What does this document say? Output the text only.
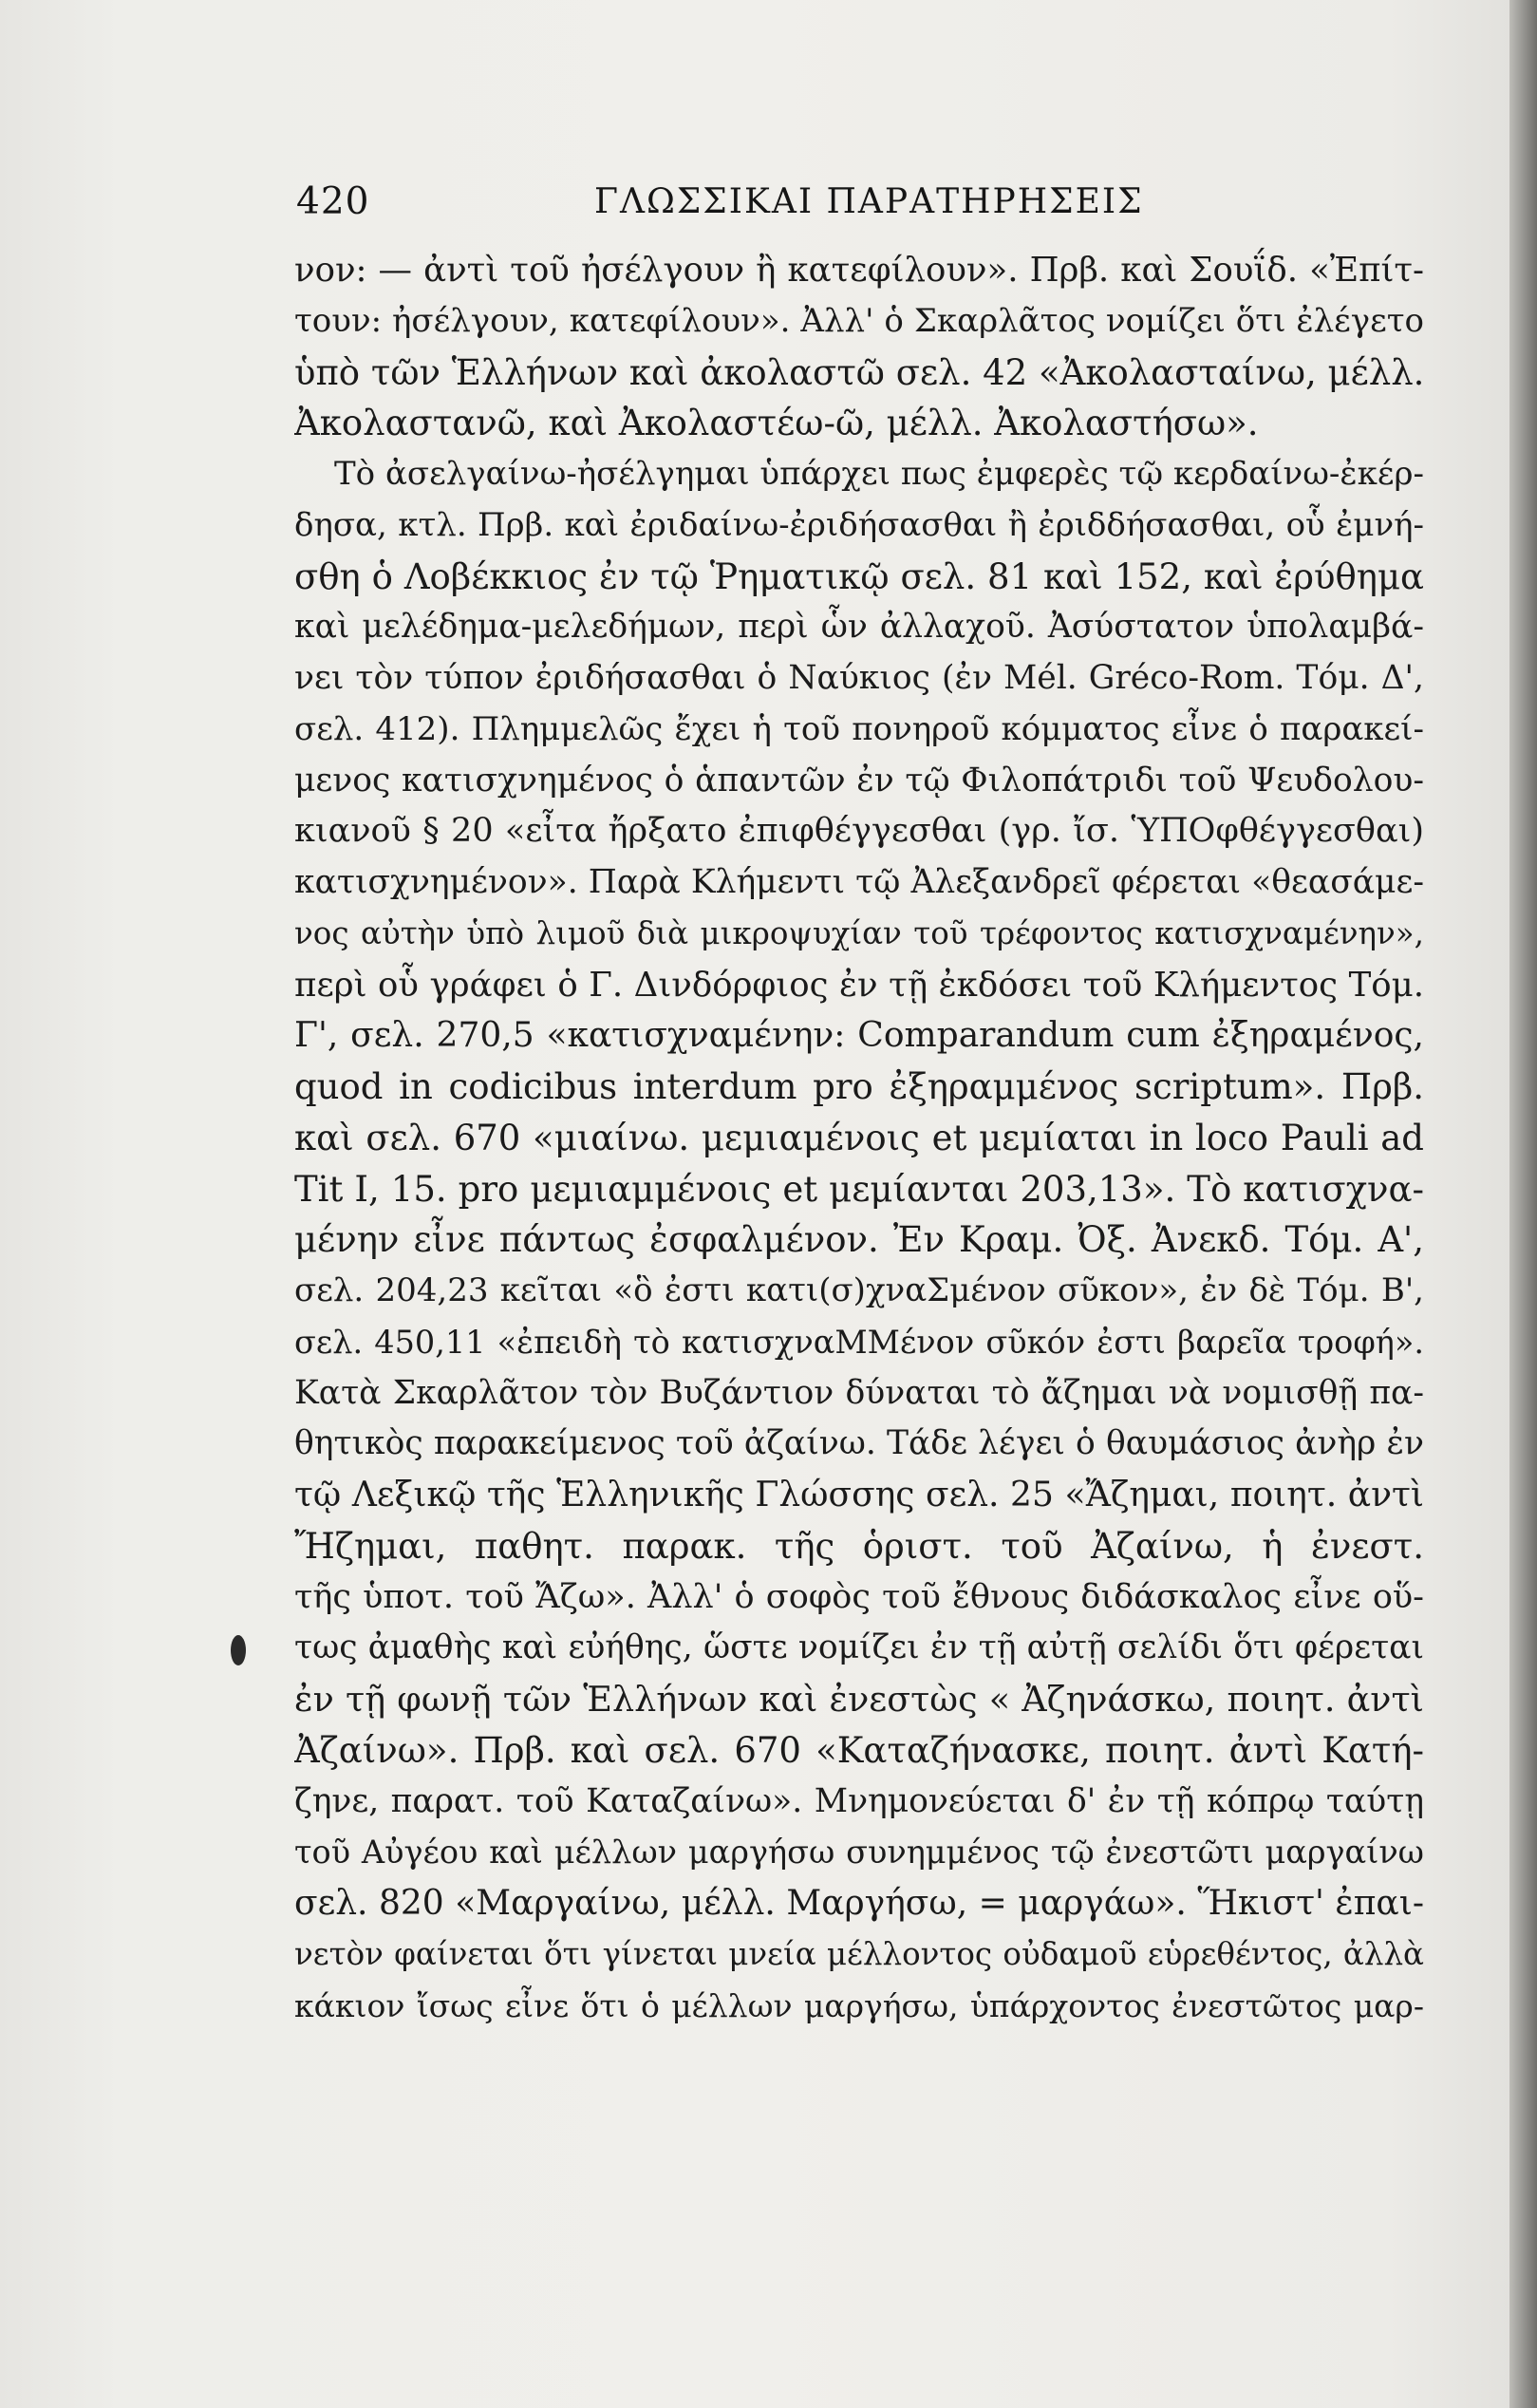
420	ΓΛΩΣΣΙΚΑΙ ΠΑΡΑΤΗΡΗΣΕΙΣ
νον: — ἀντὶ τοῦ ἠσέλγουν ἢ κατεφίλουν». Πρβ. καὶ Σουΐδ. «Ἐπίτ-
τουν: ἠσέλγουν, κατεφίλουν». Ἀλλ' ὁ Σκαρλᾶτος νομίζει ὅτι ἐλέγετο
ὑπὸ τῶν Ἑλλήνων καὶ ἀκολαστῶ σελ. 42 «Ἀκολασταίνω, μέλλ.
Ἀκολαστανῶ, καὶ Ἀκολαστέω-ῶ, μέλλ. Ἀκολαστήσω».
Τὸ ἀσελγαίνω-ἠσέλγημαι ὑπάρχει πως ἐμφερὲς τῷ κερδαίνω-ἐκέρ-
δησα, κτλ. Πρβ. καὶ ἐριδαίνω-ἐριδήσασθαι ἢ ἐριδδήσασθαι, οὗ ἐμνή-
σθη ὁ Λοβέκκιος ἐν τῷ Ῥηματικῷ σελ. 81 καὶ 152, καὶ ἐρύθημα
καὶ μελέδημα-μελεδήμων, περὶ ὧν ἀλλαχοῦ. Ἀσύστατον ὑπολαμβά-
νει τὸν τύπον ἐριδήσασθαι ὁ Ναύκιος (ἐν Mél. Gréco-Rom. Τόμ. Δ',
σελ. 412). Πλημμελῶς ἔχει ἡ τοῦ πονηροῦ κόμματος εἶνε ὁ παρακεί-
μενος κατισχνημένος ὁ ἁπαντῶν ἐν τῷ Φιλοπάτριδι τοῦ Ψευδολου-
κιανοῦ § 20 «εἶτα ἤρξατο ἐπιφθέγγεσθαι (γρ. ἴσ. ὙΠΟφθέγγεσθαι)
κατισχνημένον». Παρὰ Κλήμεντι τῷ Ἀλεξανδρεῖ φέρεται «θεασάμε-
νος αὐτὴν ὑπὸ λιμοῦ διὰ μικροψυχίαν τοῦ τρέφοντος κατισχναμένην»,
περὶ οὗ γράφει ὁ Γ. Δινδόρφιος ἐν τῇ ἐκδόσει τοῦ Κλήμεντος Τόμ.
Γ', σελ. 270,5 «κατισχναμένην: Comparandum cum ἐξηραμένος,
quod in codicibus interdum pro ἐξηραμμένος scriptum». Πρβ.
καὶ σελ. 670 «μιαίνω. μεμιαμένοις et μεμίαται in loco Pauli ad
Tit I, 15. pro μεμιαμμένοις et μεμίανται 203,13». Τὸ κατισχνα-
μένην εἶνε πάντως ἐσφαλμένον. Ἐν Κραμ. Ὀξ. Ἀνεκδ. Τόμ. Α',
σελ. 204,23 κεῖται «ὃ ἐστι κατι(σ)χναΣμένον σῦκον», ἐν δὲ Τόμ. Β',
σελ. 450,11 «ἐπειδὴ τὸ κατισχναΜΜένον σῦκόν ἐστι βαρεῖα τροφή».
Κατὰ Σκαρλᾶτον τὸν Βυζάντιον δύναται τὸ ἄζημαι νὰ νομισθῇ πα-
θητικὸς παρακείμενος τοῦ ἀζαίνω. Τάδε λέγει ὁ θαυμάσιος ἀνὴρ ἐν
τῷ Λεξικῷ τῆς Ἑλληνικῆς Γλώσσης σελ. 25 «Ἄζημαι, ποιητ. ἀντὶ
Ἤζημαι, παθητ. παρακ. τῆς ὁριστ. τοῦ Ἀζαίνω, ἡ ἐνεστ.
τῆς ὑποτ. τοῦ Ἄζω». Ἀλλ' ὁ σοφὸς τοῦ ἔθνους διδάσκαλος εἶνε οὕ-
τως ἀμαθὴς καὶ εὐήθης, ὥστε νομίζει ἐν τῇ αὐτῇ σελίδι ὅτι φέρεται
ἐν τῇ φωνῇ τῶν Ἑλλήνων καὶ ἐνεστὼς « Ἀζηνάσκω, ποιητ. ἀντὶ
Ἀζαίνω». Πρβ. καὶ σελ. 670 «Καταζήνασκε, ποιητ. ἀντὶ Κατή-
ζηνε, παρατ. τοῦ Καταζαίνω». Μνημονεύεται δ' ἐν τῇ κόπρῳ ταύτῃ
τοῦ Αὐγέου καὶ μέλλων μαργήσω συνημμένος τῷ ἐνεστῶτι μαργαίνω
σελ. 820 «Μαργαίνω, μέλλ. Μαργήσω, = μαργάω». Ἥκιστ' ἐπαι-
νετὸν φαίνεται ὅτι γίνεται μνεία μέλλοντος οὐδαμοῦ εὑρεθέντος, ἀλλὰ
κάκιον ἴσως εἶνε ὅτι ὁ μέλλων μαργήσω, ὑπάρχοντος ἐνεστῶτος μαρ-
